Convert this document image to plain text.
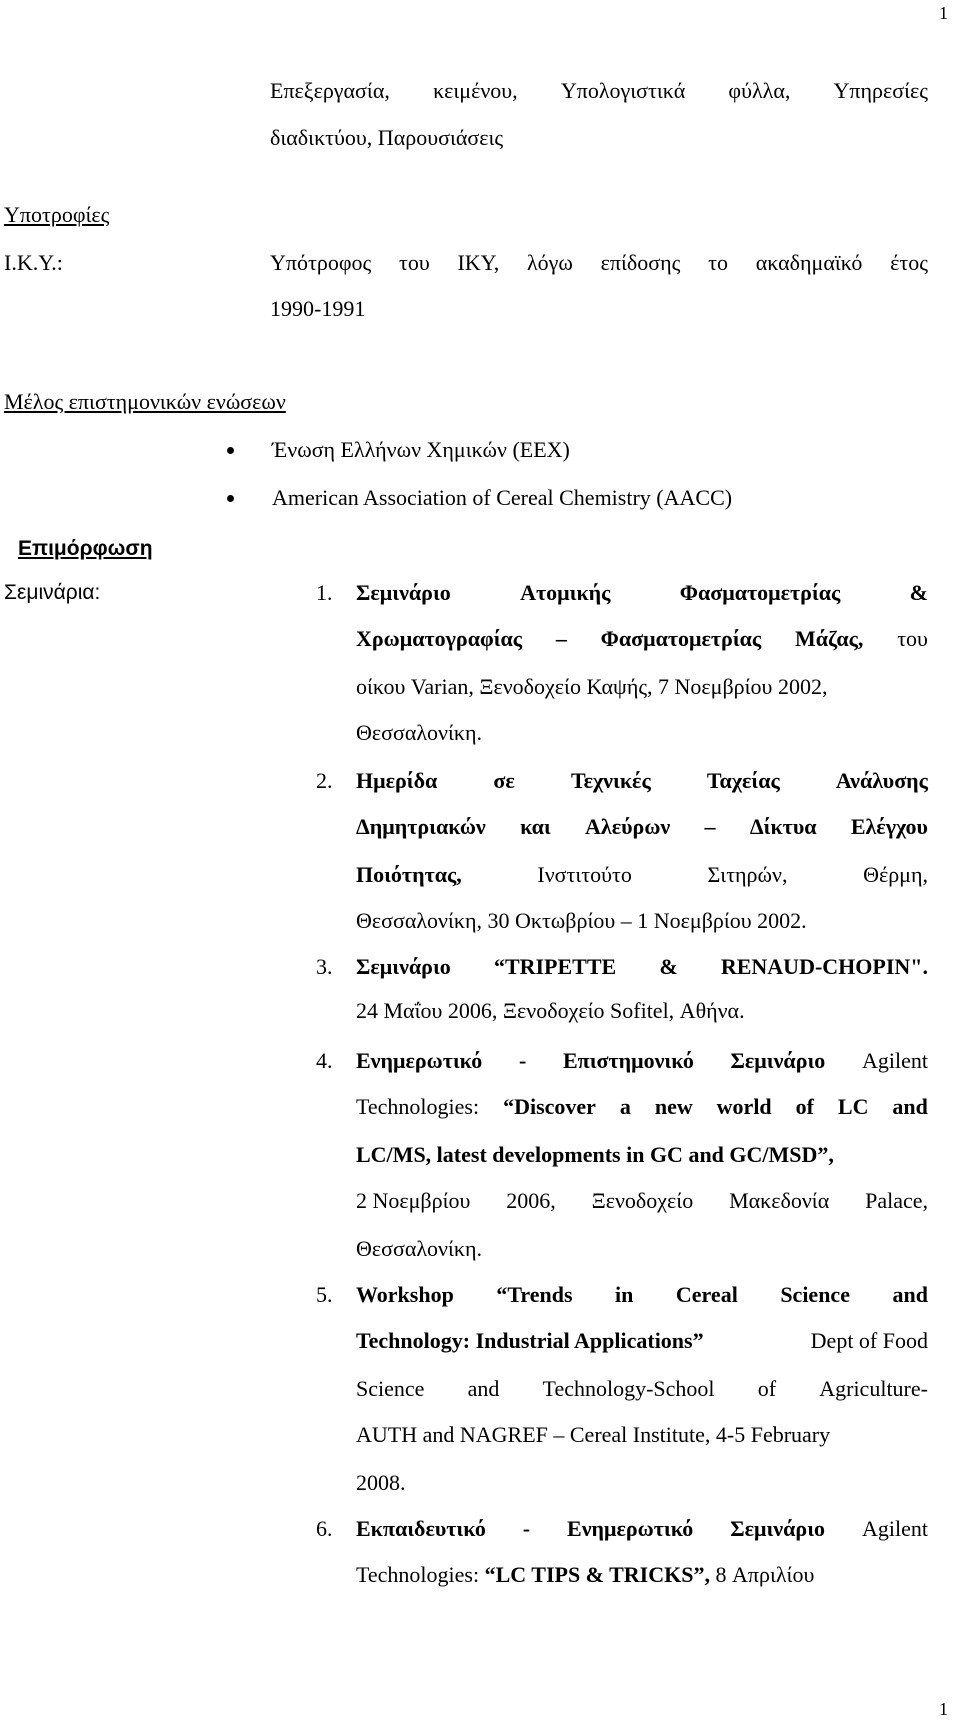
1
1
Επεξεργασία, κειμένου, Υπολογιστικά φύλλα, Υπηρεσίες
διαδικτύου, Παρουσιάσεις
Υποτροφίες
I.K.Y.:	Υπότροφος του ΙΚΥ, λόγω επίδοσης το ακαδημαϊκό έτος
1990-1991
Μέλος επιστημονικών ενώσεων
Ένωση Ελλήνων Χημικών (ΕΕΧ)
American Association of Cereal Chemistry (AACC)
Επιμόρφωση
Σεμινάρια:	1. Σεμινάριο	Ατομικής	Φασματομετρίας	&
Χρωματογραφίας – Φασματομετρίας Μάζας, του
οίκου Varian, Ξενοδοχείο Καψής, 7 Νοεμβρίου 2002,
Θεσσαλονίκη.
2. Ημερίδα	σε	Τεχνικές	Ταχείας	Ανάλυσης
Δημητριακών και Αλεύρων – Δίκτυα Ελέγχου
Ποιότητας,	Ινστιτούτο	Σιτηρών,	Θέρμη,
Θεσσαλονίκη, 30 Οκτωβρίου – 1 Νοεμβρίου 2002.
3. Σεμινάριο “TRIPETTE & RENAUD-CHOPIN".
24 Μαΐου 2006, Ξενοδοχείο Sofitel, Αθήνα.
4. Ενημερωτικό - Επιστημονικό Σεμινάριο Agilent
Technologies: “Discover a new world of LC and
LC/MS, latest developments in GC and GC/MSD”,
2 Νοεμβρίου 2006, Ξενοδοχείο Μακεδονία Palace,
Θεσσαλονίκη.
5. Workshop “Trends in Cereal Science and
Technology: Industrial Applications”	Dept of Food
Science and Technology-School of Agriculture-
AUTH and NAGREF – Cereal Institute, 4-5 February
2008.
6. Εκπαιδευτικό - Ενημερωτικό Σεμινάριο Agilent
Technologies: “LC TIPS & TRICKS”, 8 Απριλίου
